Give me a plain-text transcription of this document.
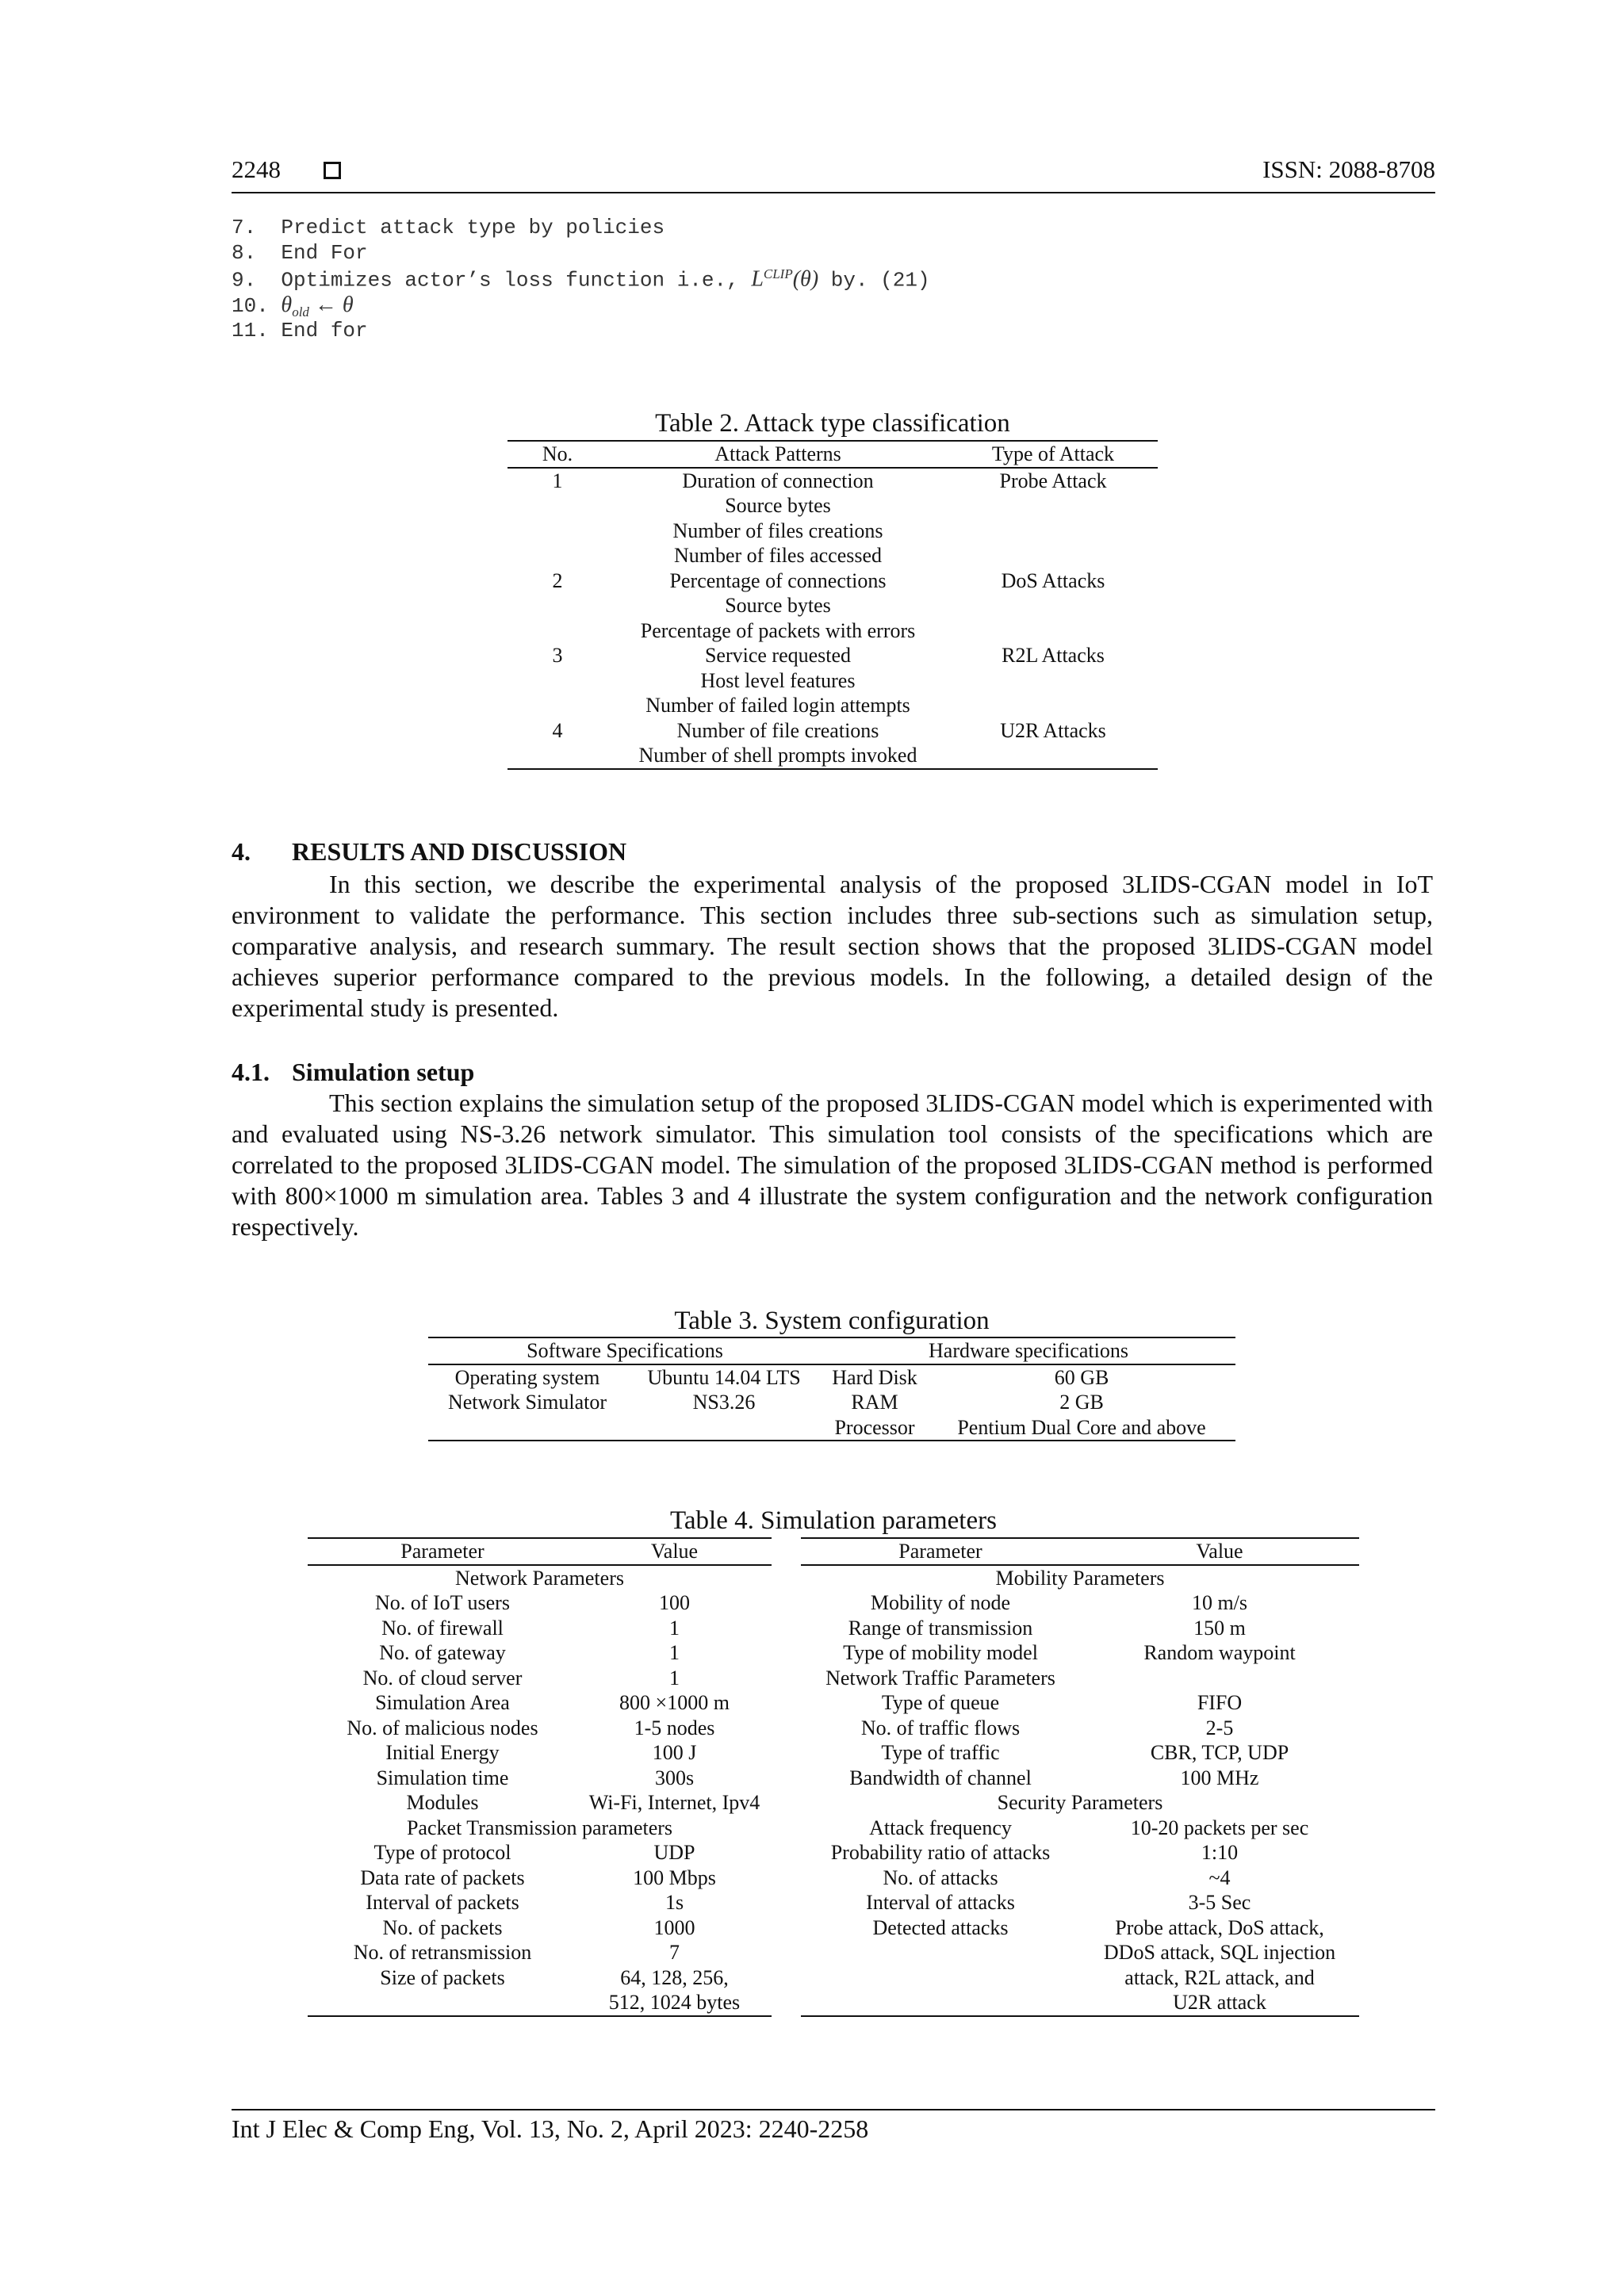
2248	ISSN: 2088-8708
7.  Predict attack type by policies
8.  End For
9.  Optimizes actor’s loss function i.e., $L^{CLIP}(\theta)$ by. (21)
10. $\theta_{old}$ ← θ
11. End for
Table 2. Attack type classification
No.	Attack Patterns	Type of Attack
1	Duration of connection	Probe Attack
	Source bytes	
	Number of files creations	
	Number of files accessed	
2	Percentage of connections	DoS Attacks
	Source bytes	
	Percentage of packets with errors	
3	Service requested	R2L Attacks
	Host level features	
	Number of failed login attempts	
4	Number of file creations	U2R Attacks
	Number of shell prompts invoked	
4. RESULTS AND DISCUSSION

In this section, we describe the experimental analysis of the proposed 3LIDS-CGAN model in IoT environment to validate the performance. This section includes three sub-sections such as simulation setup, comparative analysis, and research summary. The result section shows that the proposed 3LIDS-CGAN model achieves superior performance compared to the previous models. In the following, a detailed design of the experimental study is presented.

4.1. Simulation setup

This section explains the simulation setup of the proposed 3LIDS-CGAN model which is experimented with and evaluated using NS-3.26 network simulator. This simulation tool consists of the specifications which are correlated to the proposed 3LIDS-CGAN model. The simulation of the proposed 3LIDS-CGAN method is performed with 800×1000 m simulation area. Tables 3 and 4 illustrate the system configuration and the network configuration respectively.

Table 3. System configuration
Software Specifications		Hardware specifications	
Operating system	Ubuntu 14.04 LTS	Hard Disk	60 GB
Network Simulator	NS3.26	RAM	2 GB
		Processor	Pentium Dual Core and above
Table 4. Simulation parameters
Parameter	Value
Network Parameters	
No. of IoT users	100
No. of firewall	1
No. of gateway	1
No. of cloud server	1
Simulation Area	800 ×1000 m
No. of malicious nodes	1-5 nodes
Initial Energy	100 J
Simulation time	300s
Modules	Wi-Fi, Internet, Ipv4
Packet Transmission parameters	
Type of protocol	UDP
Data rate of packets	100 Mbps
Interval of packets	1s
No. of packets	1000
No. of retransmission	7
Size of packets	64, 128, 256,
	512, 1024 bytes
Parameter	Value
Mobility Parameters	
Mobility of node	10 m/s
Range of transmission	150 m
Type of mobility model	Random waypoint
Network Traffic Parameters	
Type of queue	FIFO
No. of traffic flows	2-5
Type of traffic	CBR, TCP, UDP
Bandwidth of channel	100 MHz
Security Parameters	
Attack frequency	10-20 packets per sec
Probability ratio of attacks	1:10
No. of attacks	~4
Interval of attacks	3-5 Sec
Detected attacks	Probe attack, DoS attack,
	DDoS attack, SQL injection
	attack, R2L attack, and
	U2R attack
Int J Elec & Comp Eng, Vol. 13, No. 2, April 2023: 2240-2258
